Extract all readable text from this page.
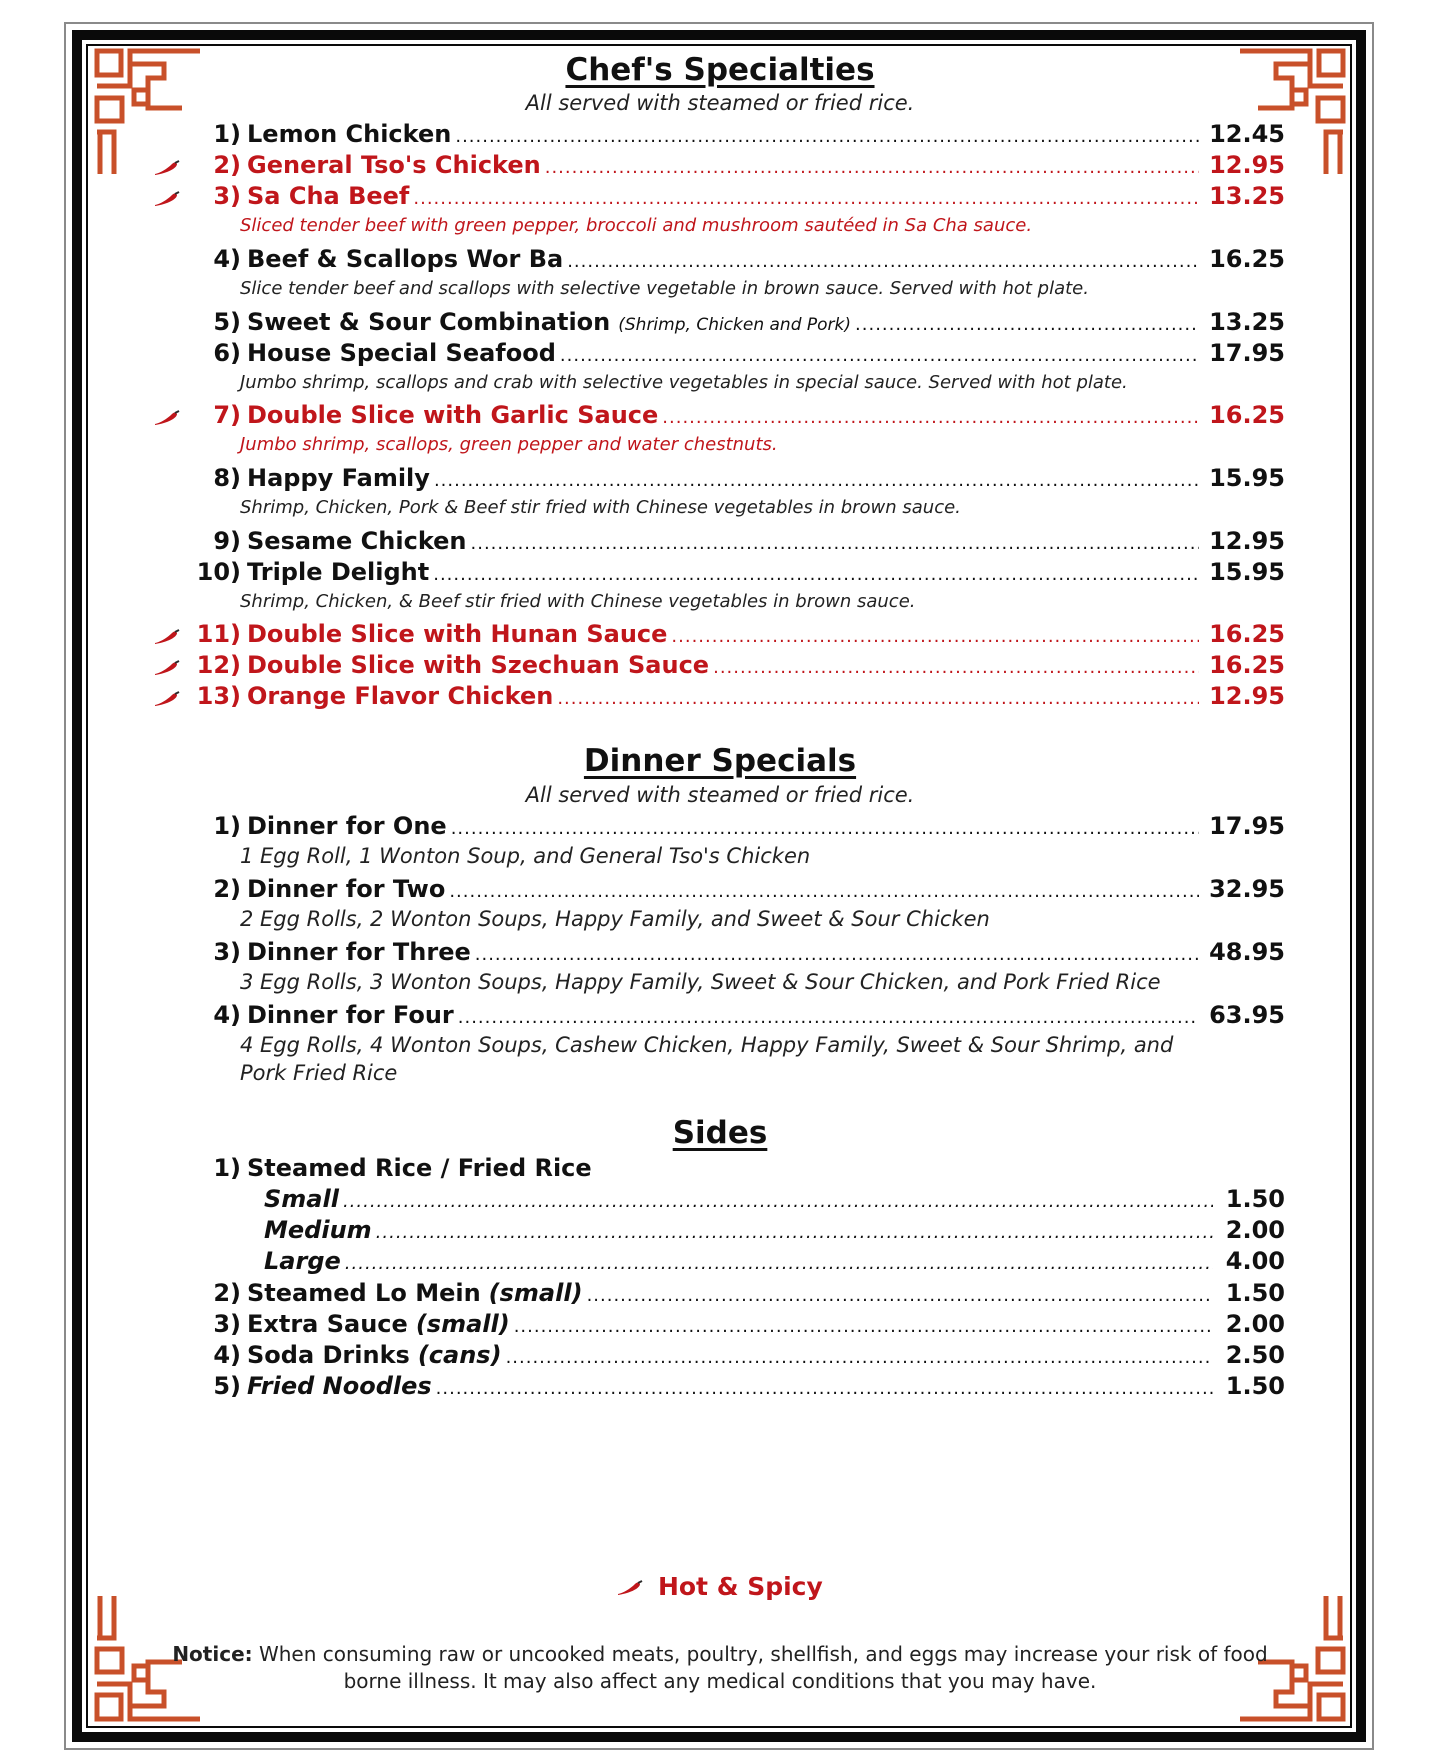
Chef's Specialties
All served with steamed or fried rice.
1) Lemon Chicken .....	12.45
2) General Tso's Chicken .....	12.95
3) Sa Cha Beef .....	13.25
Sliced tender beef with green pepper, broccoli and mushroom sautéed in Sa Cha sauce.
4) Beef & Scallops Wor Ba .....	16.25
Slice tender beef and scallops with selective vegetable in brown sauce. Served with hot plate.
5) Sweet & Sour Combination (Shrimp, Chicken and Pork) .....	13.25
6) House Special Seafood .....	17.95
Jumbo shrimp, scallops and crab with selective vegetables in special sauce. Served with hot plate.
7) Double Slice with Garlic Sauce .....	16.25
Jumbo shrimp, scallops, green pepper and water chestnuts.
8) Happy Family .....	15.95
Shrimp, Chicken, Pork & Beef stir fried with Chinese vegetables in brown sauce.
9) Sesame Chicken .....	12.95
10) Triple Delight .....	15.95
Shrimp, Chicken, & Beef stir fried with Chinese vegetables in brown sauce.
11) Double Slice with Hunan Sauce .....	16.25
12) Double Slice with Szechuan Sauce .....	16.25
13) Orange Flavor Chicken .....	12.95
Dinner Specials
All served with steamed or fried rice.
1) Dinner for One .....	17.95
1 Egg Roll, 1 Wonton Soup, and General Tso's Chicken
2) Dinner for Two .....	32.95
2 Egg Rolls, 2 Wonton Soups, Happy Family, and Sweet & Sour Chicken
3) Dinner for Three .....	48.95
3 Egg Rolls, 3 Wonton Soups, Happy Family, Sweet & Sour Chicken, and Pork Fried Rice
4) Dinner for Four .....	63.95
4 Egg Rolls, 4 Wonton Soups, Cashew Chicken, Happy Family, Sweet & Sour Shrimp, and Pork Fried Rice
Sides
1) Steamed Rice / Fried Rice
Small .....	1.50
Medium .....	2.00
Large .....	4.00
2) Steamed Lo Mein (small) .....	1.50
3) Extra Sauce (small) .....	2.00
4) Soda Drinks (cans) .....	2.50
5) Fried Noodles .....	1.50
Hot & Spicy
Notice: When consuming raw or uncooked meats, poultry, shellfish, and eggs may increase your risk of food borne illness. It may also affect any medical conditions that you may have.
